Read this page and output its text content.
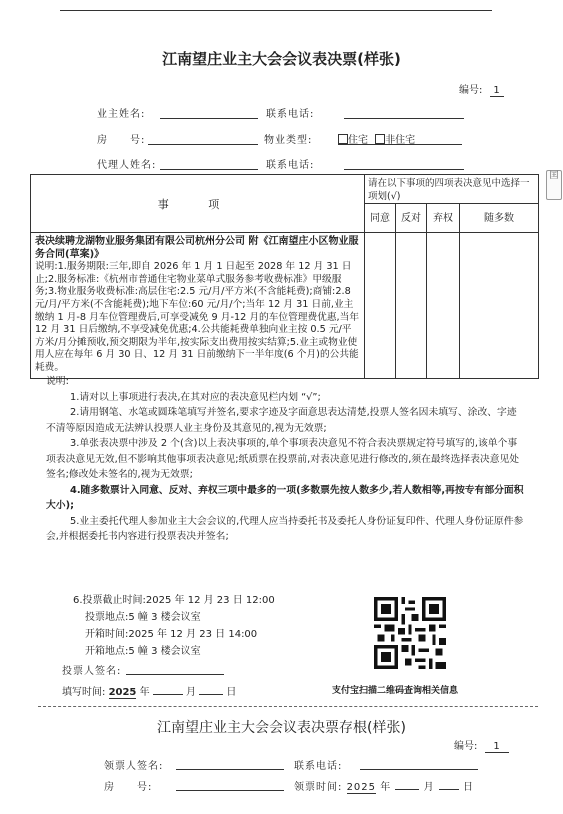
江南望庄业主大会会议表决票(样张)
编号: 1
业主姓名:	联系电话:
房　　号:	物业类型:	住宅 非住宅
代理人姓名:	联系电话:
囯
事 项	请在以下事项的四项表决意见中选择一项划(√)			
	同意	反对	弃权	随多数
表决续聘龙湖物业服务集团有限公司杭州分公司 附《江南望庄小区物业服务合同(草案)》
说明:1.服务期限:三年,即自 2026 年 1 月 1 日起至 2028 年 12 月 31 日止;2.服务标准:《杭州市普通住宅物业菜单式服务参考收费标准》甲级服务;3.物业服务收费标准:高层住宅:2.5 元/月/平方米(不含能耗费);商铺:2.8 元/月/平方米(不含能耗费);地下车位:60 元/月/个;当年 12 月 31 日前,业主缴纳 1 月-8 月车位管理费后,可享受减免 9 月-12 月的车位管理费优惠,当年 12 月 31 日后缴纳,不享受减免优惠;4.公共能耗费单独向业主按 0.5 元/平方米/月分摊预收,预交期限为半年,按实际支出费用按实结算;5.业主或物业使用人应在每年 6 月 30 日、12 月 31 日前缴纳下一半年度(6 个月)的公共能耗费。				
说明:
1.请对以上事项进行表决,在其对应的表决意见栏内划 “√”;
2.请用钢笔、水笔或圆珠笔填写并签名,要求字迹及字面意思表达清楚,投票人签名因未填写、涂改、字迹不清等原因造成无法辨认投票人业主身份及其意见的,视为无效票;
3.单张表决票中涉及 2 个(含)以上表决事项的,单个事项表决意见不符合表决票规定符号填写的,该单个事项表决意见无效,但不影响其他事项表决意见;纸质票在投票前,对表决意见进行修改的,须在最终选择表决意见处签名;修改处未签名的,视为无效票;
4.随多数票计入同意、反对、弃权三项中最多的一项(多数票先按人数多少,若人数相等,再按专有部分面积大小);
5.业主委托代理人参加业主大会会议的,代理人应当持委托书及委托人身份证复印件、代理人身份证原件参会,并根据委托书内容进行投票表决并签名;
6.投票截止时间:2025 年 12 月 23 日 12:00
投票地点:5 幢 3 楼会议室
开箱时间:2025 年 12 月 23 日 14:00
开箱地点:5 幢 3 楼会议室
投票人签名:
填写时间: 2025 年	月	日	支付宝扫描二维码查询相关信息
江南望庄业主大会会议表决票存根(样张)
编号: 1
领票人签名:	联系电话:
房　　号:	领票时间: 2025 年	月	日
